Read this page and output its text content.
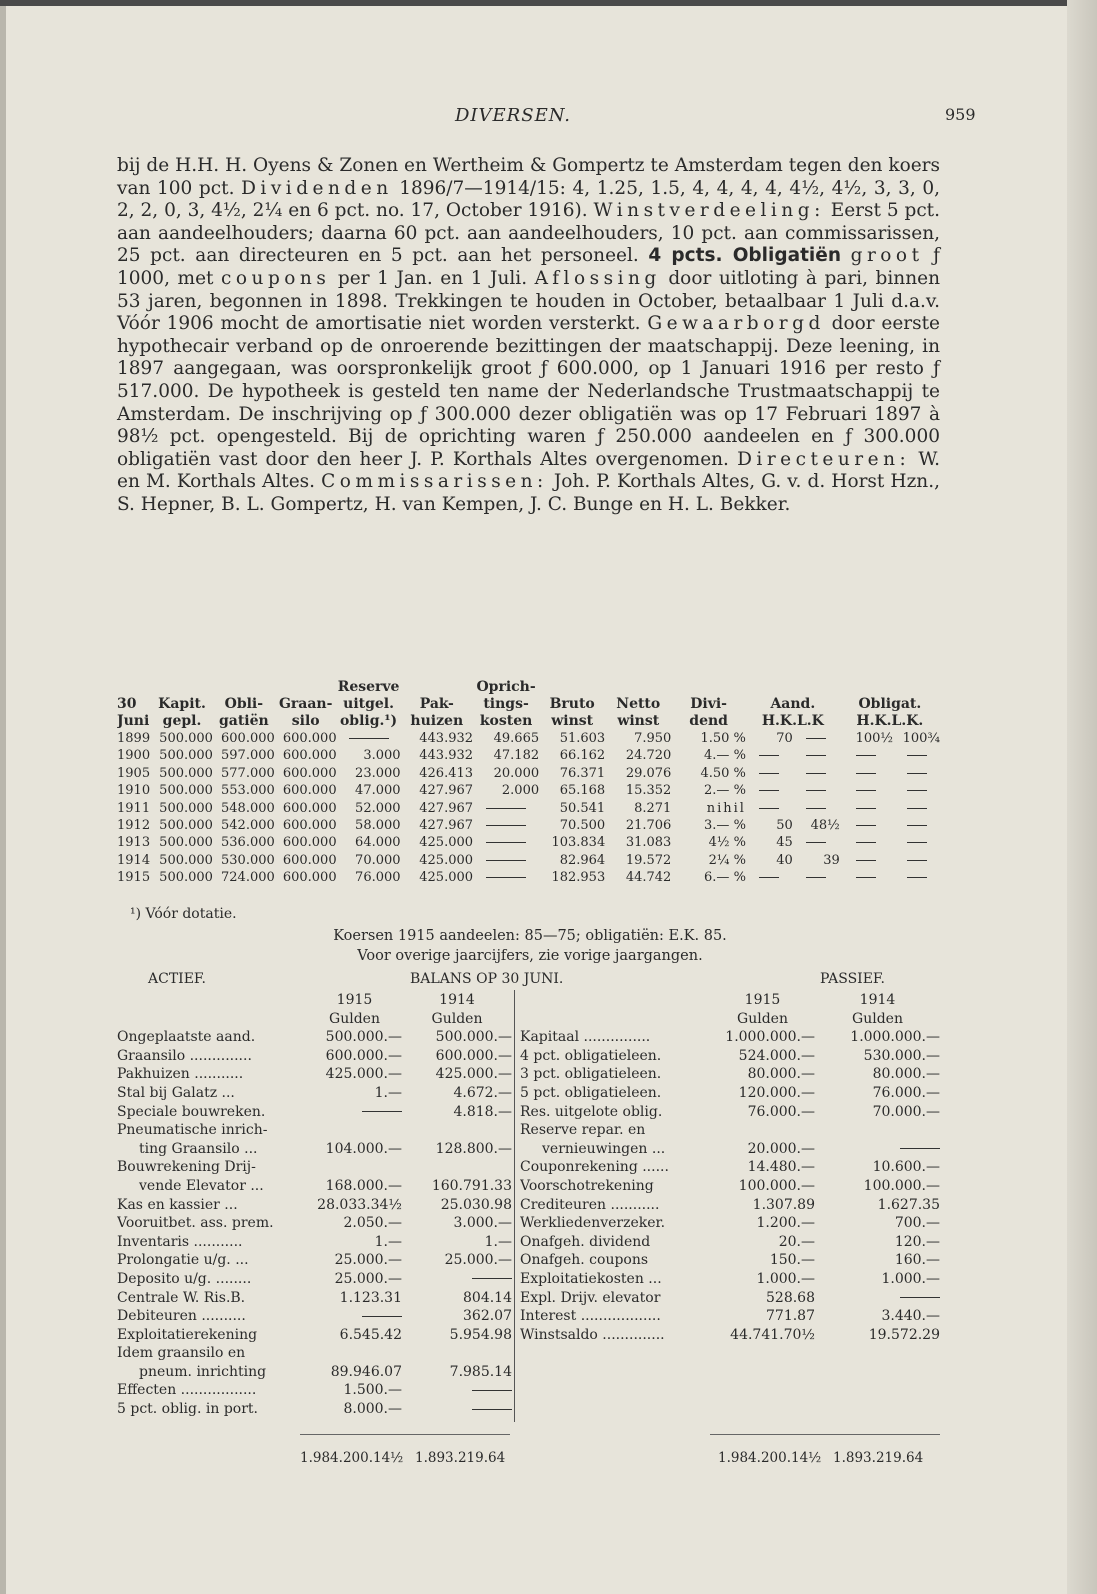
DIVERSEN.	959
bij de H.H. H. Oyens & Zonen en Wertheim & Gompertz te Amsterdam tegen den koers van 100 pct. Dividenden 1896/7—1914/15: 4, 1.25, 1.5, 4, 4, 4, 4, 4½, 4½, 3, 3, 0, 2, 2, 0, 3, 4½, 2¼ en 6 pct. no. 17, October 1916). Winstverdeeling: Eerst 5 pct. aan aandeelhouders; daarna 60 pct. aan aandeelhouders, 10 pct. aan commissarissen, 25 pct. aan directeuren en 5 pct. aan het personeel. 4 pcts. Obligatiën groot ƒ 1000, met coupons per 1 Jan. en 1 Juli. Aflossing door uitloting à pari, binnen 53 jaren, begonnen in 1898. Trekkingen te houden in October, betaalbaar 1 Juli d.a.v. Vóór 1906 mocht de amortisatie niet worden versterkt. Gewaarborgd door eerste hypothecair verband op de onroerende bezittingen der maatschappij. Deze leening, in 1897 aangegaan, was oorspronkelijk groot ƒ 600.000, op 1 Januari 1916 per resto ƒ 517.000. De hypotheek is gesteld ten name der Nederlandsche Trustmaatschappij te Amsterdam. De inschrijving op ƒ 300.000 dezer obligatiën was op 17 Februari 1897 à 98½ pct. opengesteld. Bij de oprichting waren ƒ 250.000 aandeelen en ƒ 300.000 obligatiën vast door den heer J. P. Korthals Altes overgenomen. Directeuren: W. en M. Korthals Altes. Commissarissen: Joh. P. Korthals Altes, G. v. d. Horst Hzn., S. Hepner, B. L. Gompertz, H. van Kempen, J. C. Bunge en H. L. Bekker.
				Reserve		Oprich-							
30	Kapit.	Obli-	Graan-	uitgel.	Pak-	tings-	Bruto	Netto	Divi-	Aand.		Obligat.	
Juni	gepl.	gatiën	silo	oblig.¹)	huizen	kosten	winst	winst	dend	H.K.L.K		H.K.L.K.	
1899	500.000	600.000	600.000		443.932	49.665	51.603	7.950	1.50 %	70		100½	100¾
1900	500.000	597.000	600.000	3.000	443.932	47.182	66.162	24.720	4.— %				
1905	500.000	577.000	600.000	23.000	426.413	20.000	76.371	29.076	4.50 %				
1910	500.000	553.000	600.000	47.000	427.967	2.000	65.168	15.352	2.— %				
1911	500.000	548.000	600.000	52.000	427.967		50.541	8.271	nihil				
1912	500.000	542.000	600.000	58.000	427.967		70.500	21.706	3.— %	50	48½		
1913	500.000	536.000	600.000	64.000	425.000		103.834	31.083	4½ %	45			
1914	500.000	530.000	600.000	70.000	425.000		82.964	19.572	2¼ %	40	39		
1915	500.000	724.000	600.000	76.000	425.000		182.953	44.742	6.— %				
¹) Vóór dotatie.
Koersen 1915 aandeelen: 85—75; obligatiën: E.K. 85.
Voor overige jaarcijfers, zie vorige jaargangen.
ACTIEF.	BALANS OP 30 JUNI.	PASSIEF.
	1915	1914
	Gulden	Gulden
Ongeplaatste aand.	500.000.—	500.000.—
Graansilo ..............	600.000.—	600.000.—
Pakhuizen ...........	425.000.—	425.000.—
Stal bij Galatz ...	1.—	4.672.—
Speciale bouwreken.		4.818.—
Pneumatische inrich-		
ting Graansilo ...	104.000.—	128.800.—
Bouwrekening Drij-		
vende Elevator ...	168.000.—	160.791.33
Kas en kassier ...	28.033.34½	25.030.98
Vooruitbet. ass. prem.	2.050.—	3.000.—
Inventaris ...........	1.—	1.—
Prolongatie u/g. ...	25.000.—	25.000.—
Deposito u/g. ........	25.000.—	
Centrale W. Ris.B.	1.123.31	804.14
Debiteuren ..........		362.07
Exploitatierekening	6.545.42	5.954.98
Idem graansilo en		
pneum. inrichting	89.946.07	7.985.14
Effecten .................	1.500.—	
5 pct. oblig. in port.	8.000.—	
	1915	1914
	Gulden	Gulden
Kapitaal ...............	1.000.000.—	1.000.000.—
4 pct. obligatieleen.	524.000.—	530.000.—
3 pct. obligatieleen.	80.000.—	80.000.—
5 pct. obligatieleen.	120.000.—	76.000.—
Res. uitgelote oblig.	76.000.—	70.000.—
Reserve repar. en		
vernieuwingen ...	20.000.—	
Couponrekening ......	14.480.—	10.600.—
Voorschotrekening	100.000.—	100.000.—
Crediteuren ...........	1.307.89	1.627.35
Werkliedenverzeker.	1.200.—	700.—
Onafgeh. dividend	20.—	120.—
Onafgeh. coupons	150.—	160.—
Exploitatiekosten ...	1.000.—	1.000.—
Expl. Drijv. elevator	528.68	
Interest ..................	771.87	3.440.—
Winstsaldo ..............	44.741.70½	19.572.29
1.984.200.14½ 1.893.219.64	1.984.200.14½ 1.893.219.64
